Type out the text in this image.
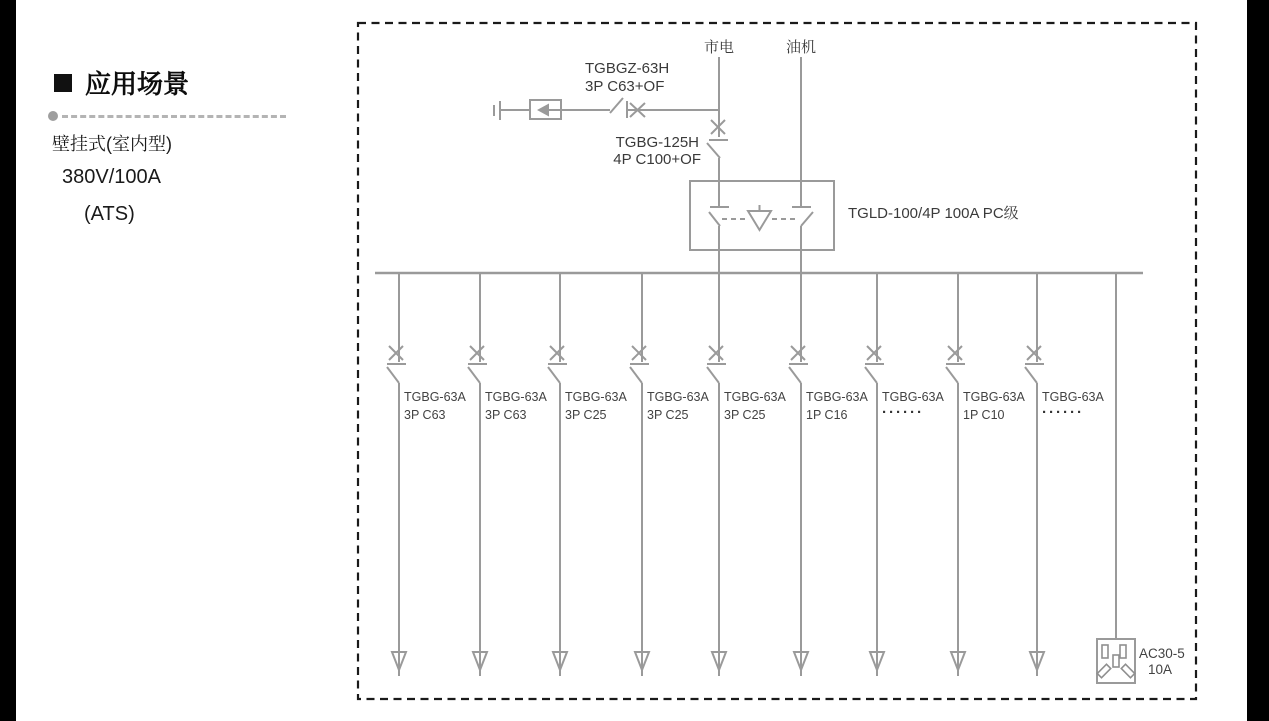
应用场景
壁挂式(室内型)
380V/100A
(ATS)
市电
TGBG-125H
4P C100+OF
油机
TGBGZ-63H
3P C63+OF
TGLD-100/4P 100A PC级
TGBG-63A
3P C63
TGBG-63A
3P C63
TGBG-63A
3P C25
TGBG-63A
3P C25
TGBG-63A
3P C25
TGBG-63A
1P C16
TGBG-63A
······
TGBG-63A
1P C10
TGBG-63A
······
AC30-5
10A
